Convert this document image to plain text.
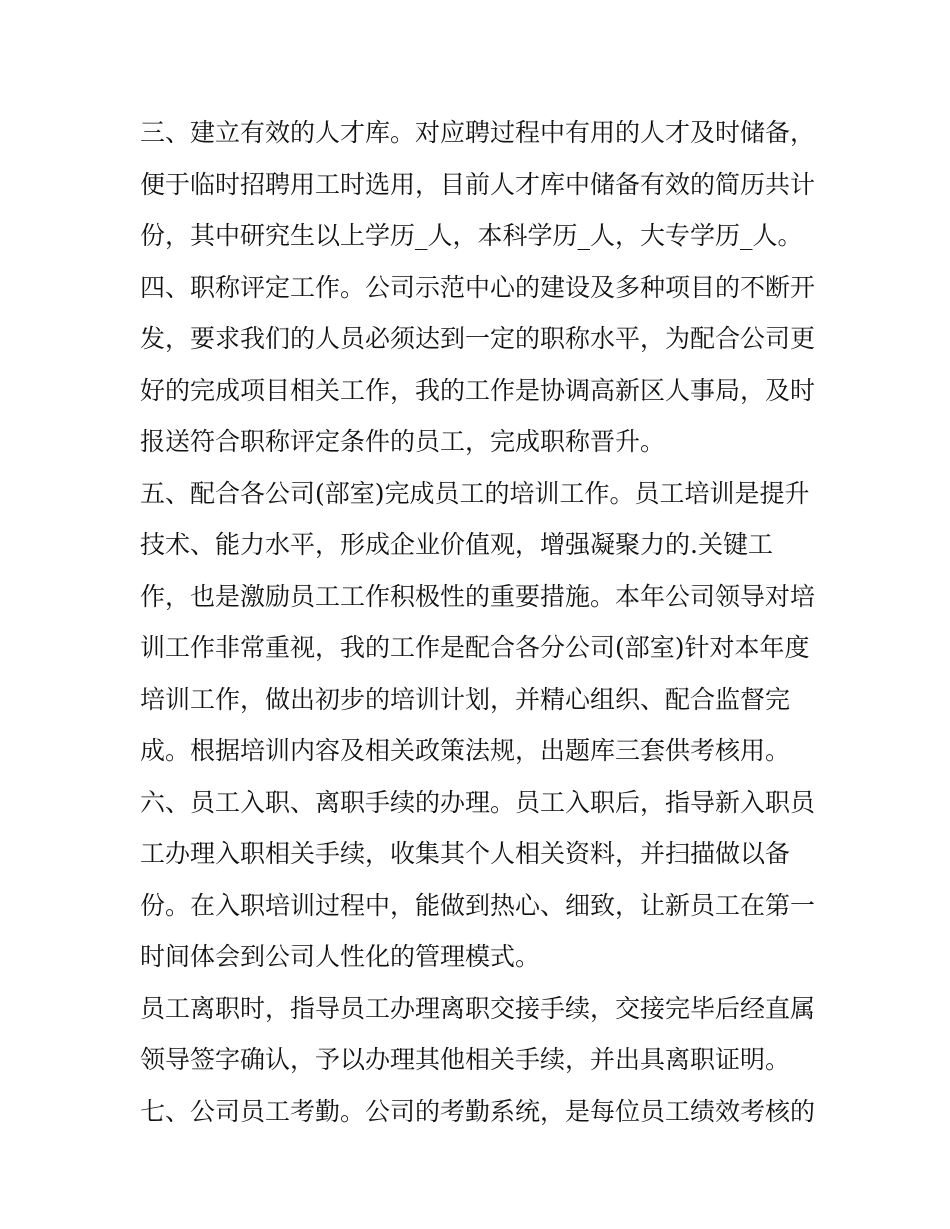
三、建立有效的人才库。对应聘过程中有用的人才及时储备，
便于临时招聘用工时选用，目前人才库中储备有效的简历共计
份，其中研究生以上学历_人，本科学历_人，大专学历_人。
四、职称评定工作。公司示范中心的建设及多种项目的不断开
发，要求我们的人员必须达到一定的职称水平，为配合公司更
好的完成项目相关工作，我的工作是协调高新区人事局，及时
报送符合职称评定条件的员工，完成职称晋升。
五、配合各公司(部室)完成员工的培训工作。员工培训是提升
技术、能力水平，形成企业价值观，增强凝聚力的.关键工
作，也是激励员工工作积极性的重要措施。本年公司领导对培
训工作非常重视，我的工作是配合各分公司(部室)针对本年度
培训工作，做出初步的培训计划，并精心组织、配合监督完
成。根据培训内容及相关政策法规，出题库三套供考核用。
六、员工入职、离职手续的办理。员工入职后，指导新入职员
工办理入职相关手续，收集其个人相关资料，并扫描做以备
份。在入职培训过程中，能做到热心、细致，让新员工在第一
时间体会到公司人性化的管理模式。
员工离职时，指导员工办理离职交接手续，交接完毕后经直属
领导签字确认，予以办理其他相关手续，并出具离职证明。
七、公司员工考勤。公司的考勤系统，是每位员工绩效考核的
